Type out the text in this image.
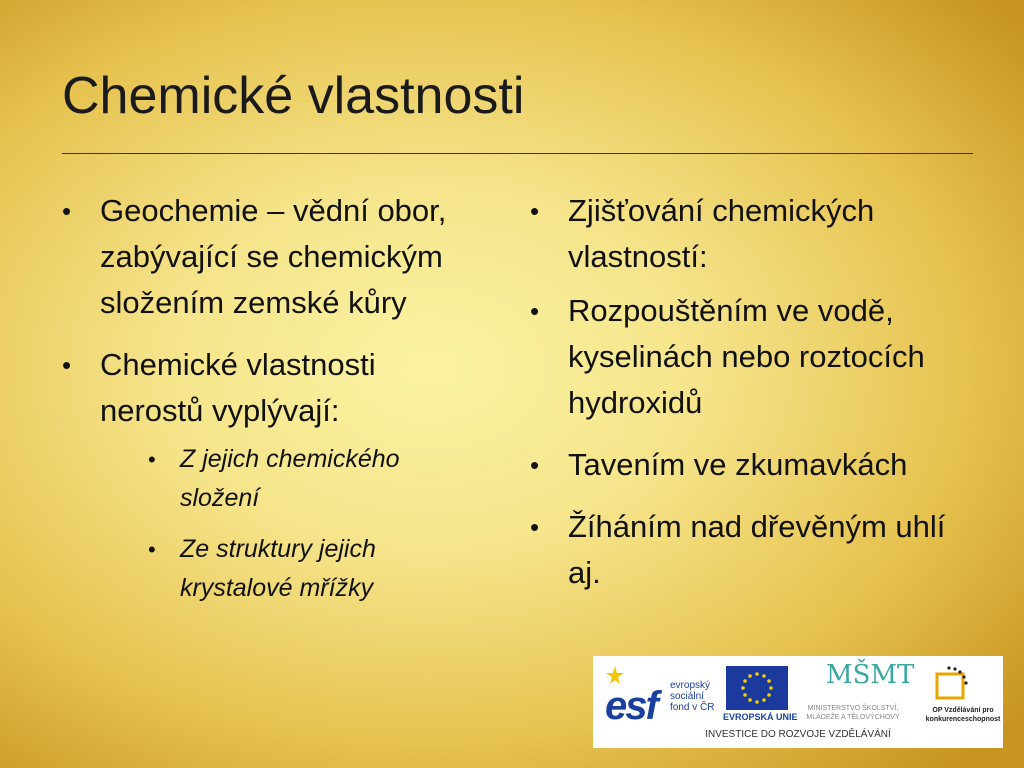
Chemické vlastnosti
• Geochemie – vědní obor, zabývající se chemickým složením zemské kůry
• Chemické vlastnosti nerostů vyplývají:
• Z jejich chemického složení
• Ze struktury jejich krystalové mřížky
• Zjišťování chemických vlastností:
• Rozpouštěním ve vodě, kyselinách nebo roztocích hydroxidů
• Tavením ve zkumavkách
• Žíháním nad dřevěným uhlí aj.
esf evropský sociální fond v ČR
EVROPSKÁ UNIE
MŠMT
MINISTERSTVO ŠKOLSTVÍ, MLÁDEŽE A TĚLOVÝCHOVY
OP Vzdělávání pro konkurenceschopnost
INVESTICE DO ROZVOJE VZDĚLÁVÁNÍ
